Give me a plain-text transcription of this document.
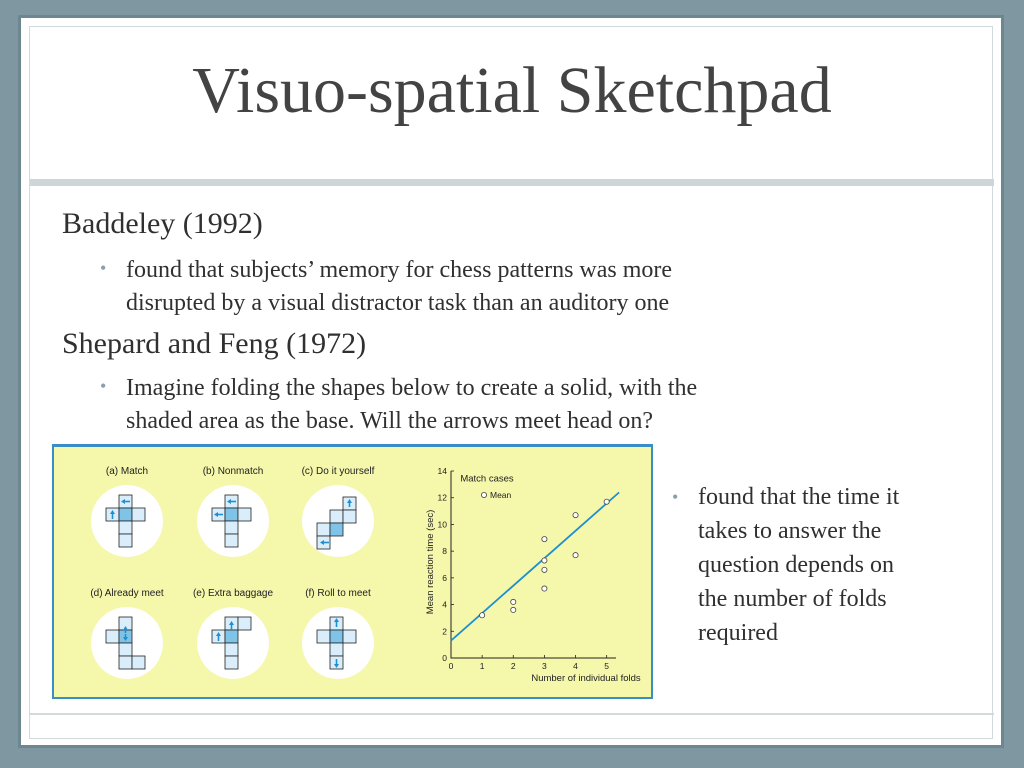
Visuo-spatial Sketchpad
Baddeley (1992)
• found that subjects’ memory for chess patterns was more
disrupted by a visual distractor task than an auditory one
Shepard and Feng (1972)
• Imagine folding the shapes below to create a solid, with the
shaded area as the base. Will the arrows meet head on?
(a) Match	(b) Nonmatch	(c) Do it yourself
(d) Already meet	(e) Extra baggage	(f) Roll to meet
0
2
4
6
8
10
12
14
0	1	2	3	4	5
Match cases
Mean
Number of individual folds
Mean reaction time (sec)
• found that the time it
takes to answer the
question depends on
the number of folds
required
